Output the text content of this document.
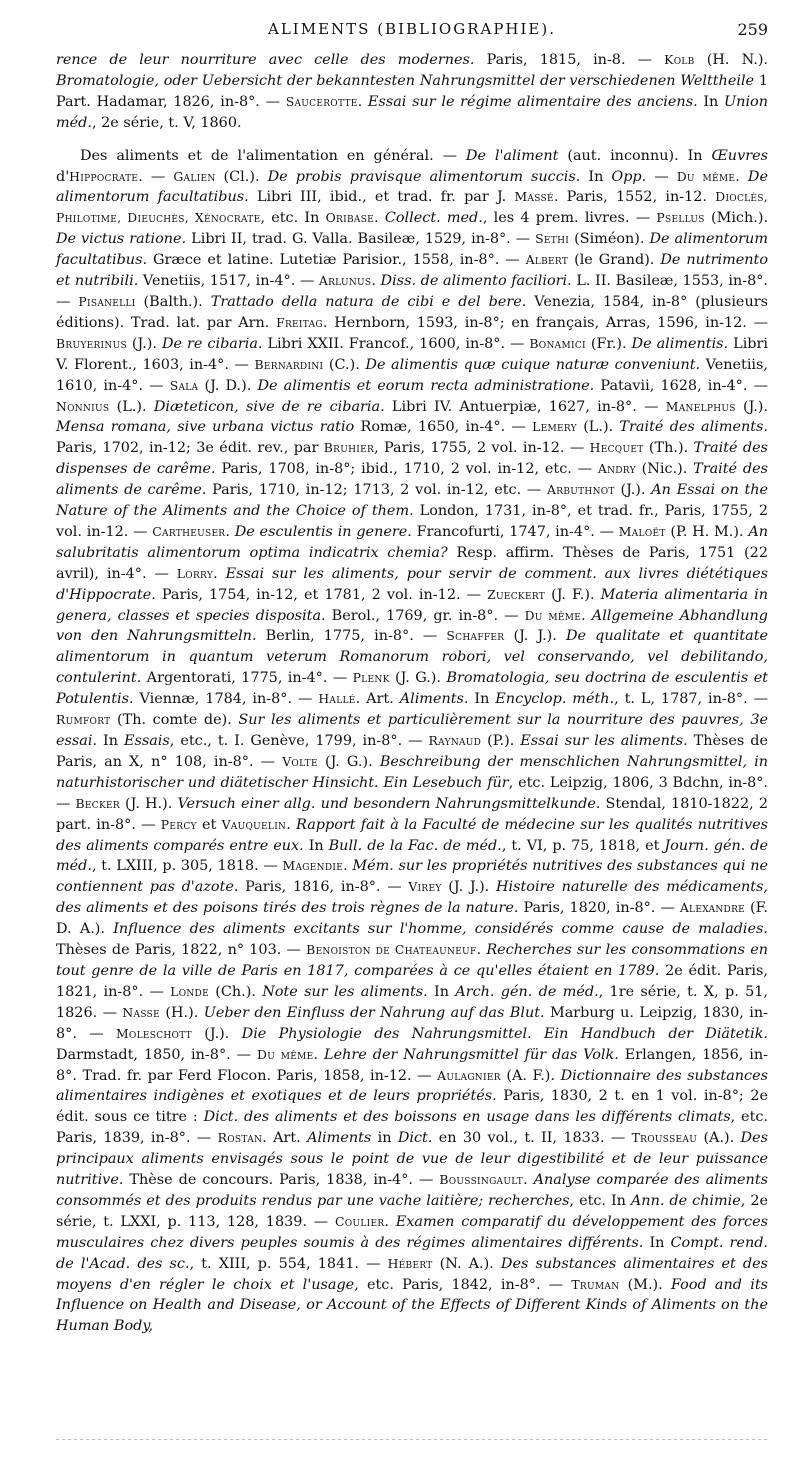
ALIMENTS (BIBLIOGRAPHIE).	259

rence de leur nourriture avec celle des modernes. Paris, 1815, in-8. — Kolb (H. N.). Bromatologie, oder Uebersicht der bekanntesten Nahrungsmittel der verschiedenen Welttheile 1 Part. Hadamar, 1826, in-8°. — Saucerotte. Essai sur le régime alimentaire des anciens. In Union méd., 2e série, t. V, 1860.

Des aliments et de l'alimentation en général. — De l'aliment (aut. inconnu). In Œuvres d'Hippocrate. — Galien (Cl.). De probis pravisque alimentorum succis. In Opp. — Du même. De alimentorum facultatibus. Libri III, ibid., et trad. fr. par J. Massé. Paris, 1552, in-12. Dioclès, Philotime, Dieuchès, Xénocrate, etc. In Oribase. Collect. med., les 4 prem. livres. — Psellus (Mich.). De victus ratione. Libri II, trad. G. Valla. Basileæ, 1529, in-8°. — Sethi (Siméon). De alimentorum facultatibus. Græce et latine. Lutetiæ Parisior., 1558, in-8°. — Albert (le Grand). De nutrimento et nutribili. Venetiis, 1517, in-4°. — Arlunus. Diss. de alimento faciliori. L. II. Basileæ, 1553, in-8°. — Pisanelli (Balth.). Trattado della natura de cibi e del bere. Venezia, 1584, in-8° (plusieurs éditions). Trad. lat. par Arn. Freitag. Hernborn, 1593, in-8°; en français, Arras, 1596, in-12. — Bruyerinus (J.). De re cibaria. Libri XXII. Francof., 1600, in-8°. — Bonamici (Fr.). De alimentis. Libri V. Florent., 1603, in-4°. — Bernardini (C.). De alimentis quæ cuique naturæ conveniunt. Venetiis, 1610, in-4°. — Sala (J. D.). De alimentis et eorum recta administratione. Patavii, 1628, in-4°. — Nonnius (L.). Diæteticon, sive de re cibaria. Libri IV. Antuerpiæ, 1627, in-8°. — Manelphus (J.). Mensa romana, sive urbana victus ratio Romæ, 1650, in-4°. — Lemery (L.). Traité des aliments. Paris, 1702, in-12; 3e édit. rev., par Bruhier, Paris, 1755, 2 vol. in-12. — Hecquet (Th.). Traité des dispenses de carême. Paris, 1708, in-8°; ibid., 1710, 2 vol. in-12, etc. — Andry (Nic.). Traité des aliments de carême. Paris, 1710, in-12; 1713, 2 vol. in-12, etc. — Arbuthnot (J.). An Essai on the Nature of the Aliments and the Choice of them. London, 1731, in-8°, et trad. fr., Paris, 1755, 2 vol. in-12. — Cartheuser. De esculentis in genere. Francofurti, 1747, in-4°. — Maloët (P. H. M.). An salubritatis alimentorum optima indicatrix chemia? Resp. affirm. Thèses de Paris, 1751 (22 avril), in-4°. — Lorry. Essai sur les aliments, pour servir de comment. aux livres diététiques d'Hippocrate. Paris, 1754, in-12, et 1781, 2 vol. in-12. — Zueckert (J. F.). Materia alimentaria in genera, classes et species disposita. Berol., 1769, gr. in-8°. — Du même. Allgemeine Abhandlung von den Nahrungsmitteln. Berlin, 1775, in-8°. — Schaffer (J. J.). De qualitate et quantitate alimentorum in quantum veterum Romanorum robori, vel conservando, vel debilitando, contulerint. Argentorati, 1775, in-4°. — Plenk (J. G.). Bromatologia, seu doctrina de esculentis et Potulentis. Viennæ, 1784, in-8°. — Hallé. Art. Aliments. In Encyclop. méth., t. L, 1787, in-8°. — Rumfort (Th. comte de). Sur les aliments et particulièrement sur la nourriture des pauvres, 3e essai. In Essais, etc., t. I. Genève, 1799, in-8°. — Raynaud (P.). Essai sur les aliments. Thèses de Paris, an X, n° 108, in-8°. — Volte (J. G.). Beschreibung der menschlichen Nahrungsmittel, in naturhistorischer und diätetischer Hinsicht. Ein Lesebuch für, etc. Leipzig, 1806, 3 Bdchn, in-8°. — Becker (J. H.). Versuch einer allg. und besondern Nahrungsmittelkunde. Stendal, 1810-1822, 2 part. in-8°. — Percy et Vauquelin. Rapport fait à la Faculté de médecine sur les qualités nutritives des aliments comparés entre eux. In Bull. de la Fac. de méd., t. VI, p. 75, 1818, et Journ. gén. de méd., t. LXIII, p. 305, 1818. — Magendie. Mém. sur les propriétés nutritives des substances qui ne contiennent pas d'azote. Paris, 1816, in-8°. — Virey (J. J.). Histoire naturelle des médicaments, des aliments et des poisons tirés des trois règnes de la nature. Paris, 1820, in-8°. — Alexandre (F. D. A.). Influence des aliments excitants sur l'homme, considérés comme cause de maladies. Thèses de Paris, 1822, n° 103. — Benoiston de Chateauneuf. Recherches sur les consommations en tout genre de la ville de Paris en 1817, comparées à ce qu'elles étaient en 1789. 2e édit. Paris, 1821, in-8°. — Londe (Ch.). Note sur les aliments. In Arch. gén. de méd., 1re série, t. X, p. 51, 1826. — Nasse (H.). Ueber den Einfluss der Nahrung auf das Blut. Marburg u. Leipzig, 1830, in-8°. — Moleschott (J.). Die Physiologie des Nahrungsmittel. Ein Handbuch der Diätetik. Darmstadt, 1850, in-8°. — Du même. Lehre der Nahrungsmittel für das Volk. Erlangen, 1856, in-8°. Trad. fr. par Ferd Flocon. Paris, 1858, in-12. — Aulagnier (A. F.). Dictionnaire des substances alimentaires indigènes et exotiques et de leurs propriétés. Paris, 1830, 2 t. en 1 vol. in-8°; 2e édit. sous ce titre : Dict. des aliments et des boissons en usage dans les différents climats, etc. Paris, 1839, in-8°. — Rostan. Art. Aliments in Dict. en 30 vol., t. II, 1833. — Trousseau (A.). Des principaux aliments envisagés sous le point de vue de leur digestibilité et de leur puissance nutritive. Thèse de concours. Paris, 1838, in-4°. — Boussingault. Analyse comparée des aliments consommés et des produits rendus par une vache laitière; recherches, etc. In Ann. de chimie, 2e série, t. LXXI, p. 113, 128, 1839. — Coulier. Examen comparatif du développement des forces musculaires chez divers peuples soumis à des régimes alimentaires différents. In Compt. rend. de l'Acad. des sc., t. XIII, p. 554, 1841. — Hébert (N. A.). Des substances alimentaires et des moyens d'en régler le choix et l'usage, etc. Paris, 1842, in-8°. — Truman (M.). Food and its Influence on Health and Disease, or Account of the Effects of Different Kinds of Aliments on the Human Body,
